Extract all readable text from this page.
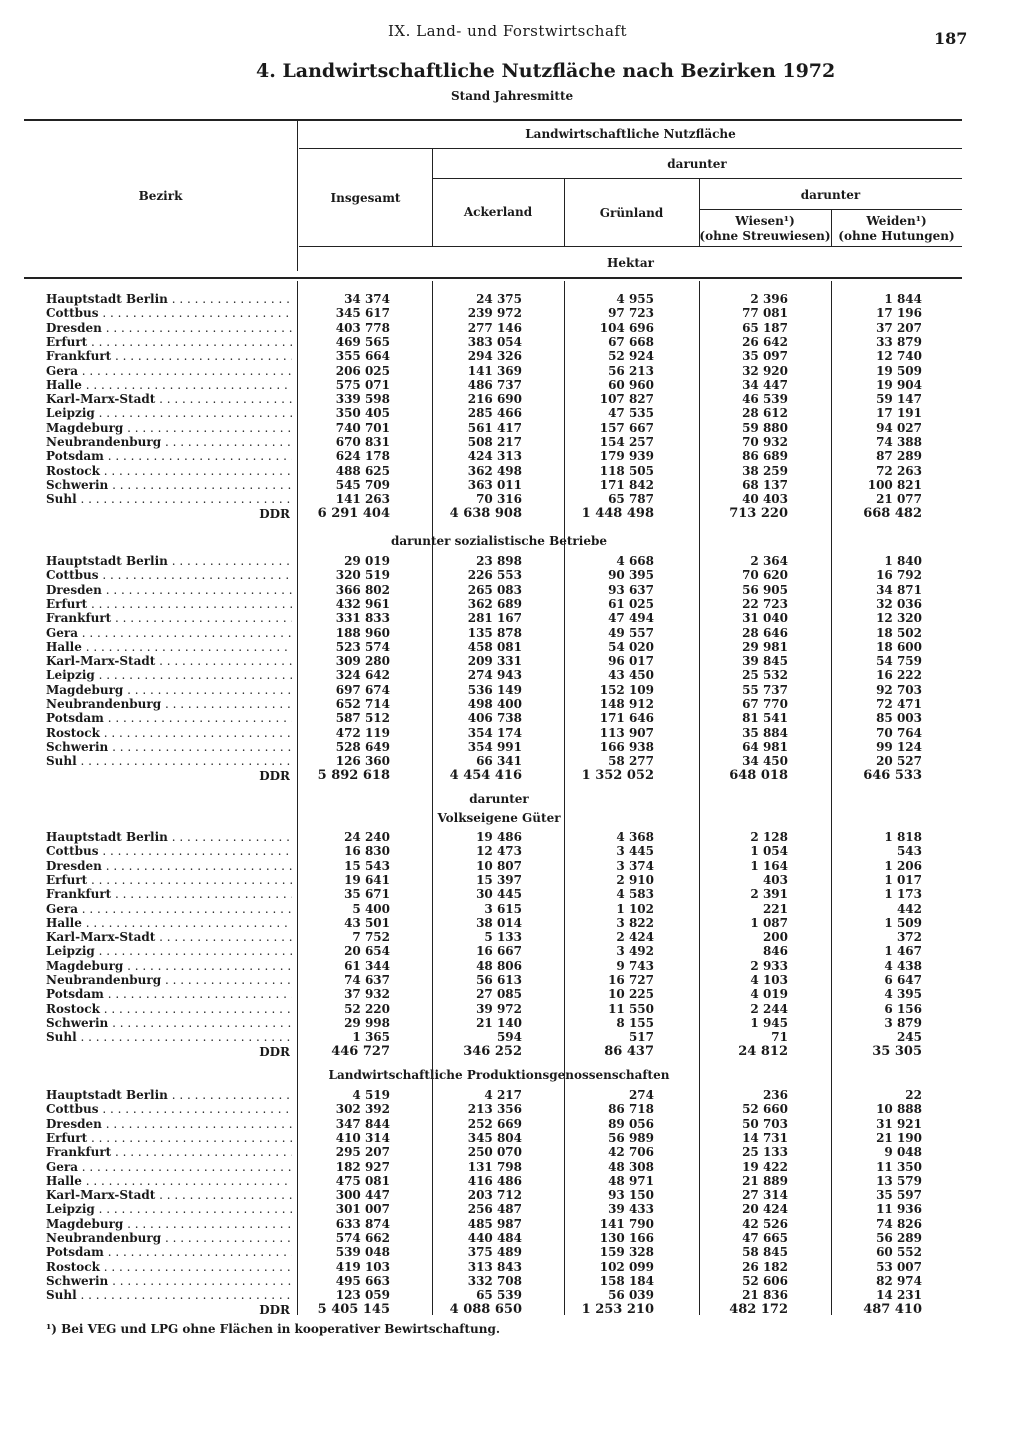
IX. Land- und Forstwirtschaft	187
4. Landwirtschaftliche Nutzfläche nach Bezirken 1972
Stand Jahresmitte
Bezirk
Landwirtschaftliche Nutzfläche
Insgesamt
darunter
Ackerland	Grünland
darunter
Wiesen¹)
(ohne Streuwiesen)
Weiden¹)
(ohne Hutungen)
Hektar
darunter sozialistische Betriebe
darunter
Volkseigene Güter
Landwirtschaftliche Produktionsgenossenschaften
Hauptstadt Berlin . . .	34 374	24 375	4 955	2 396	1 844
Cottbus . . .	345 617	239 972	97 723	77 081	17 196
Dresden . . .	403 778	277 146	104 696	65 187	37 207
Erfurt . . .	469 565	383 054	67 668	26 642	33 879
Frankfurt . . .	355 664	294 326	52 924	35 097	12 740
Gera . . .	206 025	141 369	56 213	32 920	19 509
Halle . . .	575 071	486 737	60 960	34 447	19 904
Karl-Marx-Stadt . . .	339 598	216 690	107 827	46 539	59 147
Leipzig . . .	350 405	285 466	47 535	28 612	17 191
Magdeburg . . .	740 701	561 417	157 667	59 880	94 027
Neubrandenburg . . .	670 831	508 217	154 257	70 932	74 388
Potsdam . . .	624 178	424 313	179 939	86 689	87 289
Rostock . . .	488 625	362 498	118 505	38 259	72 263
Schwerin . . .	545 709	363 011	171 842	68 137	100 821
Suhl . . .	141 263	70 316	65 787	40 403	21 077
DDR	6 291 404	4 638 908	1 448 498	713 220	668 482
Hauptstadt Berlin . . .	29 019	23 898	4 668	2 364	1 840
Cottbus . . .	320 519	226 553	90 395	70 620	16 792
Dresden . . .	366 802	265 083	93 637	56 905	34 871
Erfurt . . .	432 961	362 689	61 025	22 723	32 036
Frankfurt . . .	331 833	281 167	47 494	31 040	12 320
Gera . . .	188 960	135 878	49 557	28 646	18 502
Halle . . .	523 574	458 081	54 020	29 981	18 600
Karl-Marx-Stadt . . .	309 280	209 331	96 017	39 845	54 759
Leipzig . . .	324 642	274 943	43 450	25 532	16 222
Magdeburg . . .	697 674	536 149	152 109	55 737	92 703
Neubrandenburg . . .	652 714	498 400	148 912	67 770	72 471
Potsdam . . .	587 512	406 738	171 646	81 541	85 003
Rostock . . .	472 119	354 174	113 907	35 884	70 764
Schwerin . . .	528 649	354 991	166 938	64 981	99 124
Suhl . . .	126 360	66 341	58 277	34 450	20 527
DDR	5 892 618	4 454 416	1 352 052	648 018	646 533
Hauptstadt Berlin . . .	24 240	19 486	4 368	2 128	1 818
Cottbus . . .	16 830	12 473	3 445	1 054	543
Dresden . . .	15 543	10 807	3 374	1 164	1 206
Erfurt . . .	19 641	15 397	2 910	403	1 017
Frankfurt . . .	35 671	30 445	4 583	2 391	1 173
Gera . . .	5 400	3 615	1 102	221	442
Halle . . .	43 501	38 014	3 822	1 087	1 509
Karl-Marx-Stadt . . .	7 752	5 133	2 424	200	372
Leipzig . . .	20 654	16 667	3 492	846	1 467
Magdeburg . . .	61 344	48 806	9 743	2 933	4 438
Neubrandenburg . . .	74 637	56 613	16 727	4 103	6 647
Potsdam . . .	37 932	27 085	10 225	4 019	4 395
Rostock . . .	52 220	39 972	11 550	2 244	6 156
Schwerin . . .	29 998	21 140	8 155	1 945	3 879
Suhl . . .	1 365	594	517	71	245
DDR	446 727	346 252	86 437	24 812	35 305
Hauptstadt Berlin . . .	4 519	4 217	274	236	22
Cottbus . . .	302 392	213 356	86 718	52 660	10 888
Dresden . . .	347 844	252 669	89 056	50 703	31 921
Erfurt . . .	410 314	345 804	56 989	14 731	21 190
Frankfurt . . .	295 207	250 070	42 706	25 133	9 048
Gera . . .	182 927	131 798	48 308	19 422	11 350
Halle . . .	475 081	416 486	48 971	21 889	13 579
Karl-Marx-Stadt . . .	300 447	203 712	93 150	27 314	35 597
Leipzig . . .	301 007	256 487	39 433	20 424	11 936
Magdeburg . . .	633 874	485 987	141 790	42 526	74 826
Neubrandenburg . . .	574 662	440 484	130 166	47 665	56 289
Potsdam . . .	539 048	375 489	159 328	58 845	60 552
Rostock . . .	419 103	313 843	102 099	26 182	53 007
Schwerin . . .	495 663	332 708	158 184	52 606	82 974
Suhl . . .	123 059	65 539	56 039	21 836	14 231
DDR	5 405 145	4 088 650	1 253 210	482 172	487 410
¹) Bei VEG und LPG ohne Flächen in kooperativer Bewirtschaftung.
